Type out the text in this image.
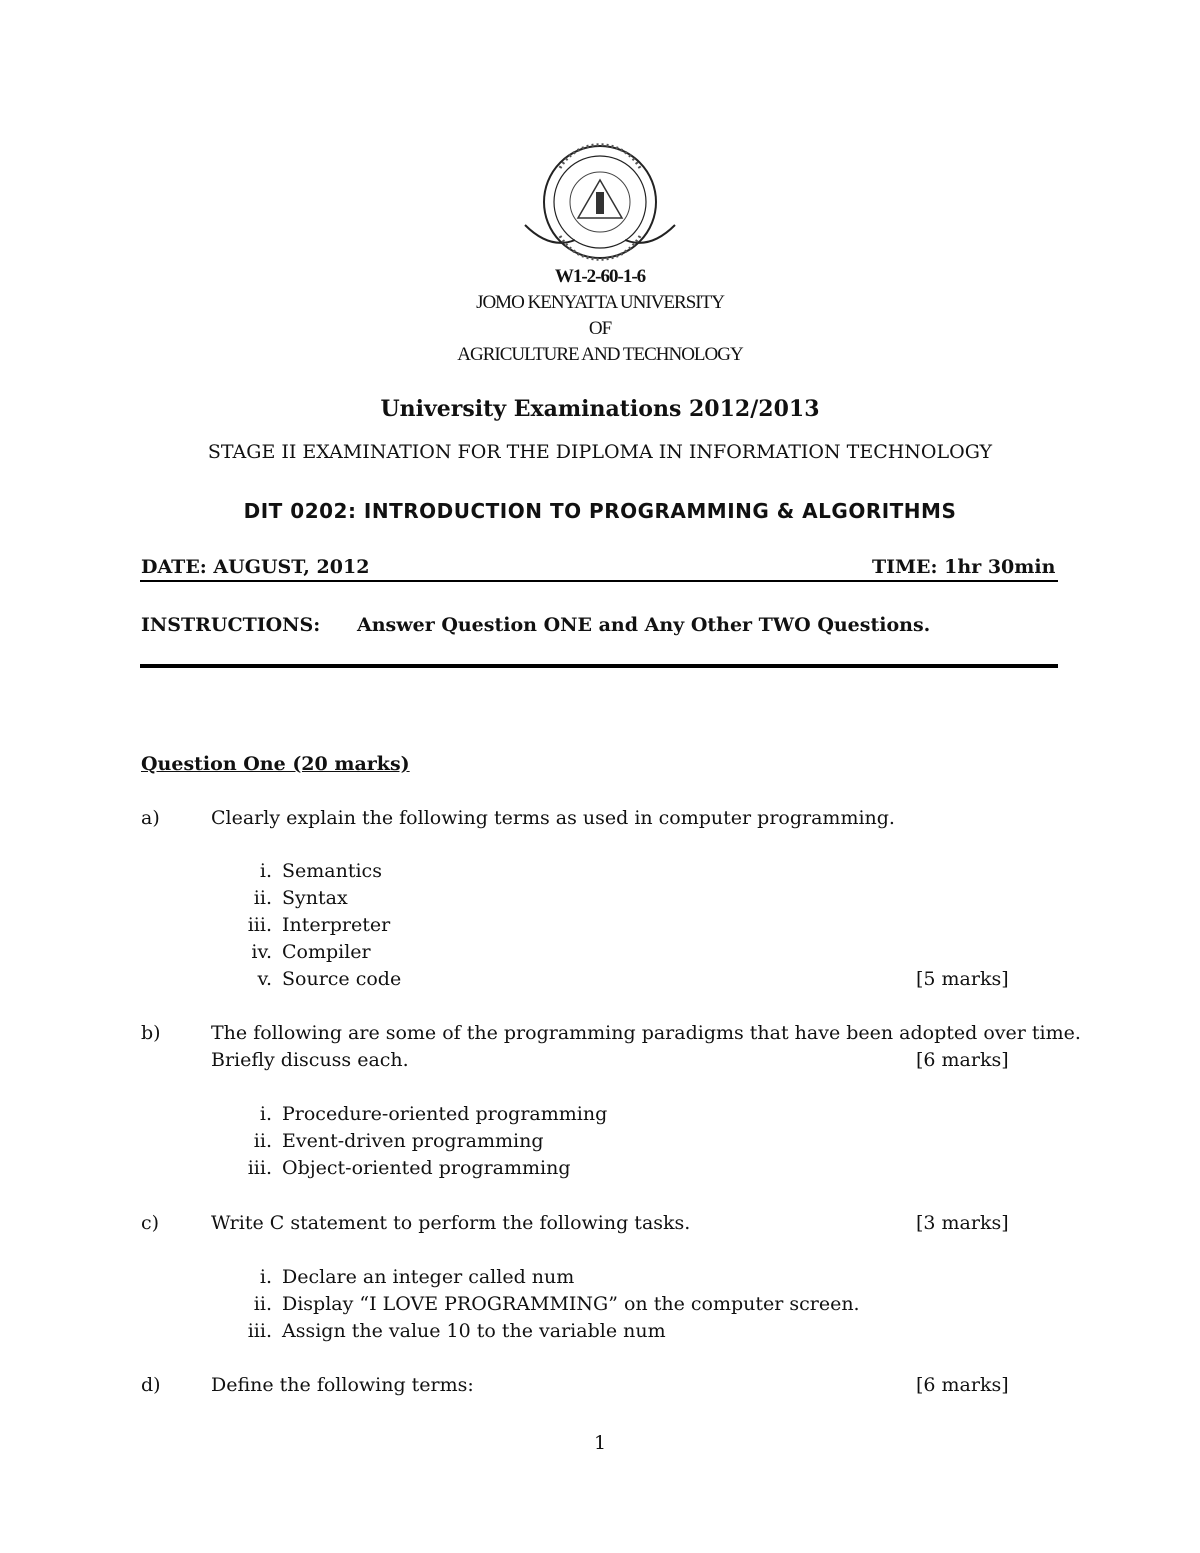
W1-2-60-1-6
JOMO KENYATTA UNIVERSITY
OF
AGRICULTURE AND TECHNOLOGY
University Examinations 2012/2013
STAGE II EXAMINATION FOR THE DIPLOMA IN INFORMATION TECHNOLOGY
DIT 0202: INTRODUCTION TO PROGRAMMING & ALGORITHMS
DATE: AUGUST, 2012	TIME: 1hr 30min
INSTRUCTIONS: Answer Question ONE and Any Other TWO Questions.
Question One (20 marks)
a)	Clearly explain the following terms as used in computer programming.
i. Semantics
ii. Syntax
iii. Interpreter
iv. Compiler
v. Source code	[5 marks]
b)	The following are some of the programming paradigms that have been adopted over time.
Briefly discuss each.	[6 marks]
i. Procedure-oriented programming
ii. Event-driven programming
iii. Object-oriented programming
c)	Write C statement to perform the following tasks.	[3 marks]
i. Declare an integer called num
ii. Display “I LOVE PROGRAMMING” on the computer screen.
iii. Assign the value 10 to the variable num
d)	Define the following terms:	[6 marks]
1
